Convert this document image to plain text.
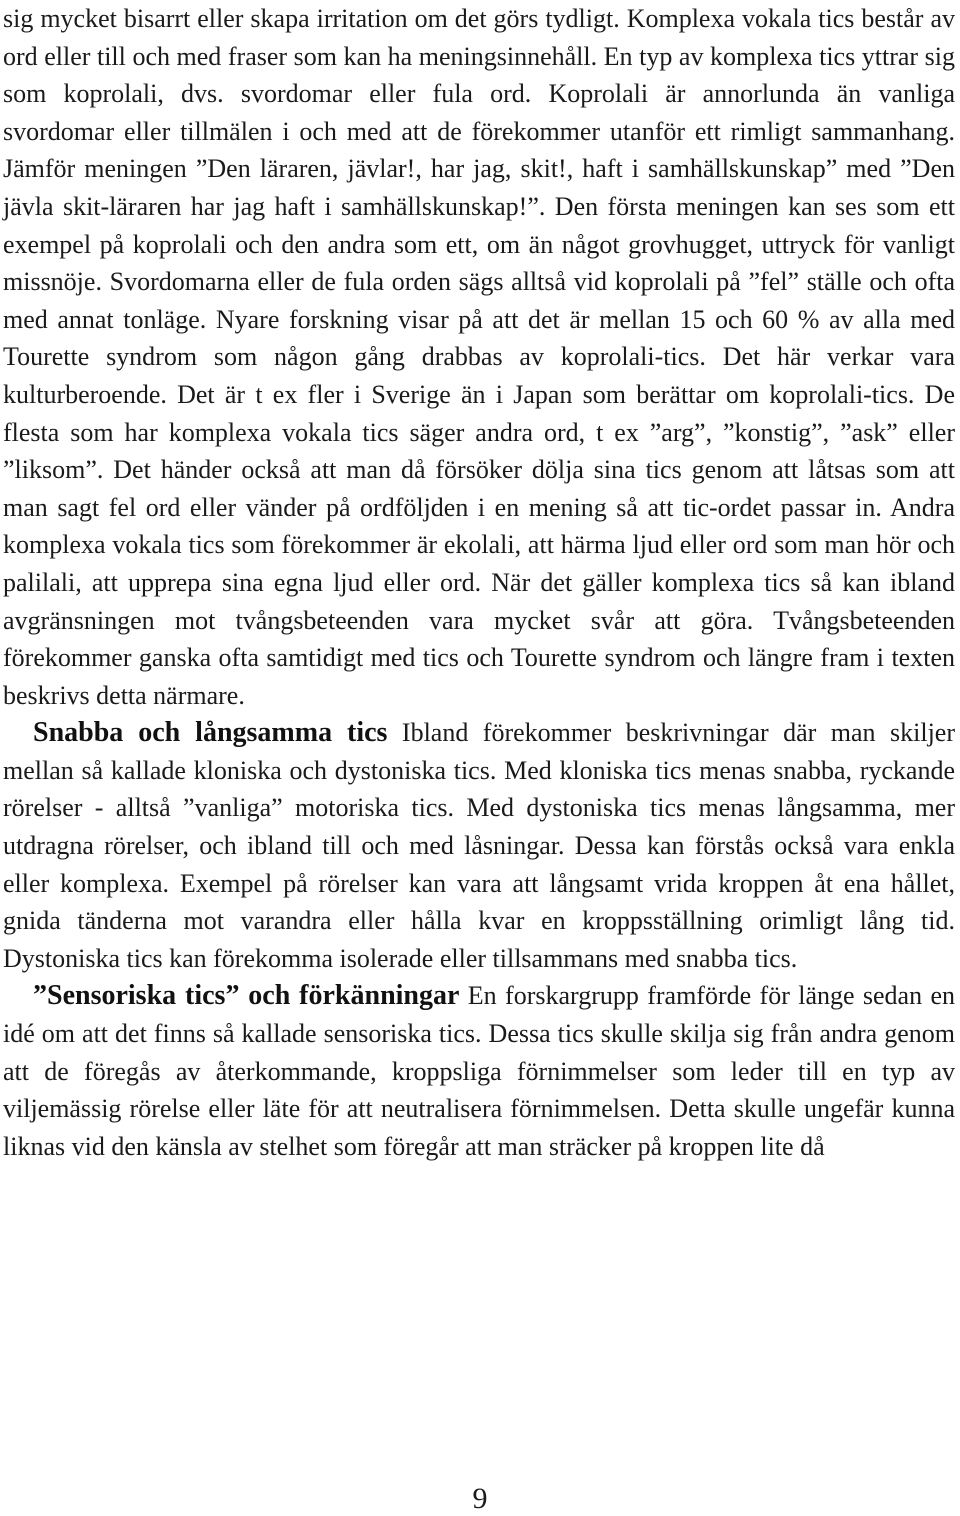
sig mycket bisarrt eller skapa irritation om det görs tydligt. Komplexa vokala tics består av ord eller till och med fraser som kan ha meningsinnehåll. En typ av komplexa tics yttrar sig som koprolali, dvs. svordomar eller fula ord. Koprolali är annorlunda än vanliga svordomar eller tillmälen i och med att de förekommer utanför ett rimligt sammanhang. Jämför meningen ”Den läraren, jävlar!, har jag, skit!, haft i samhällskunskap” med ”Den jävla skit-läraren har jag haft i samhällskunskap!”. Den första meningen kan ses som ett exempel på koprolali och den andra som ett, om än något grovhugget, uttryck för vanligt missnöje. Svordomarna eller de fula orden sägs alltså vid koprolali på ”fel” ställe och ofta med annat tonläge. Nyare forskning visar på att det är mellan 15 och 60 % av alla med Tourette syndrom som någon gång drabbas av koprolali-tics. Det här verkar vara kulturberoende. Det är t ex fler i Sverige än i Japan som berättar om koprolali-tics. De flesta som har komplexa vokala tics säger andra ord, t ex ”arg”, ”konstig”, ”ask” eller ”liksom”. Det händer också att man då försöker dölja sina tics genom att låtsas som att man sagt fel ord eller vänder på ordföljden i en mening så att tic-ordet passar in. Andra komplexa vokala tics som förekommer är ekolali, att härma ljud eller ord som man hör och palilali, att upprepa sina egna ljud eller ord. När det gäller komplexa tics så kan ibland avgränsningen mot tvångsbeteenden vara mycket svår att göra. Tvångsbeteenden förekommer ganska ofta samtidigt med tics och Tourette syndrom och längre fram i texten beskrivs detta närmare.

Snabba och långsamma tics Ibland förekommer beskrivningar där man skiljer mellan så kallade kloniska och dystoniska tics. Med kloniska tics menas snabba, ryckande rörelser - alltså ”vanliga” motoriska tics. Med dystoniska tics menas långsamma, mer utdragna rörelser, och ibland till och med låsningar. Dessa kan förstås också vara enkla eller komplexa. Exempel på rörelser kan vara att långsamt vrida kroppen åt ena hållet, gnida tänderna mot varandra eller hålla kvar en kroppsställning orimligt lång tid. Dystoniska tics kan förekomma isolerade eller tillsammans med snabba tics.

”Sensoriska tics” och förkänningar En forskargrupp framförde för länge sedan en idé om att det finns så kallade sensoriska tics. Dessa tics skulle skilja sig från andra genom att de föregås av återkommande, kroppsliga förnimmelser som leder till en typ av viljemässig rörelse eller läte för att neutralisera förnimmelsen. Detta skulle ungefär kunna liknas vid den känsla av stelhet som föregår att man sträcker på kroppen lite då

9
